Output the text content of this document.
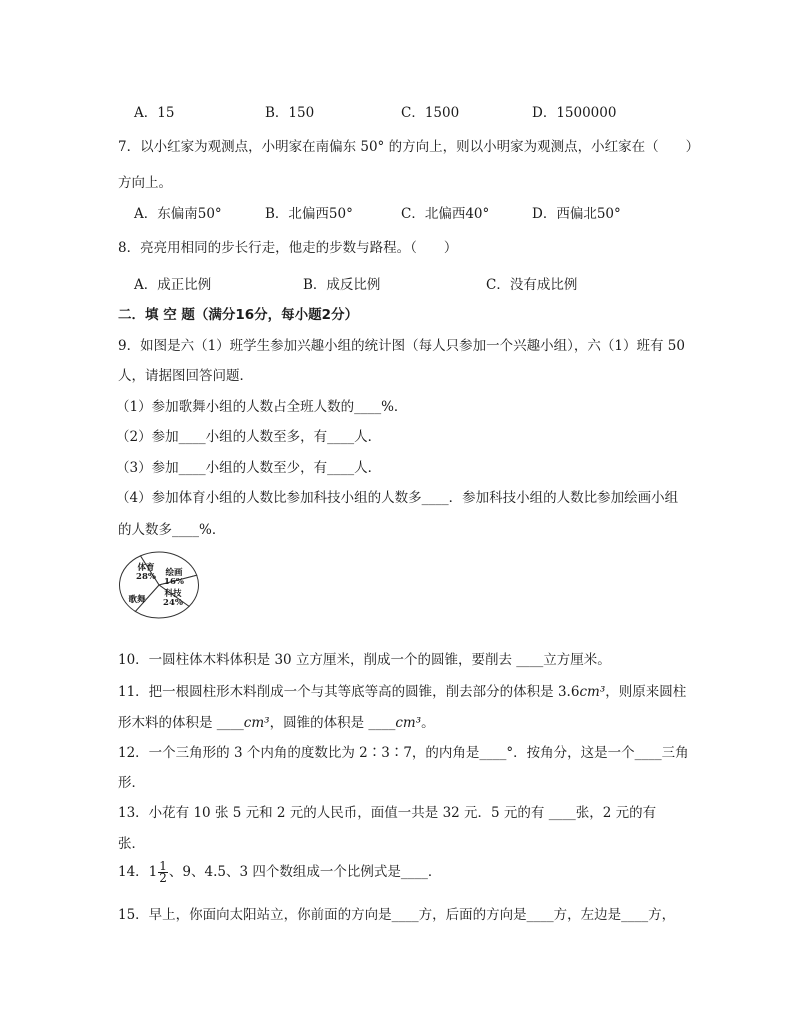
A．15	B．150	C．1500	D．1500000
7．以小红家为观测点，小明家在南偏东 50° 的方向上，则以小明家为观测点，小红家在（　　）
方向上。
A．东偏南50°	B．北偏西50°	C．北偏西40°	D．西偏北50°
8．亮亮用相同的步长行走，他走的步数与路程。（　　）
A．成正比例	B．成反比例	C．没有成比例
二．填 空 题（满分16分，每小题2分）
9．如图是六（1）班学生参加兴趣小组的统计图（每人只参加一个兴趣小组），六（1）班有 50
人，请据图回答问题．
（1）参加歌舞小组的人数占全班人数的____%．
（2）参加____小组的人数至多，有____人．
（3）参加____小组的人数至少，有____人．
（4）参加体育小组的人数比参加科技小组的人数多____．参加科技小组的人数比参加绘画小组
的人数多____%．
体育
28% 绘画
16%
科技
24%
歌舞
10．一圆柱体木料体积是 30 立方厘米，削成一个的圆锥，要削去 ____立方厘米。
11．把一根圆柱形木料削成一个与其等底等高的圆锥，削去部分的体积是 3.6cm³，则原来圆柱
形木料的体积是 ____cm³，圆锥的体积是 ____cm³。
12．一个三角形的 3 个内角的度数比为 2∶3∶7，的内角是____°．按角分，这是一个____三角
形．
13．小花有 10 张 5 元和 2 元的人民币，面值一共是 32 元．5 元的有 ____张，2 元的有
张．
14．$1 \frac{1}{2}$ 、9、4.5、3 四个数组成一个比例式是____．
15．早上，你面向太阳站立，你前面的方向是____方，后面的方向是____方，左边是____方，
